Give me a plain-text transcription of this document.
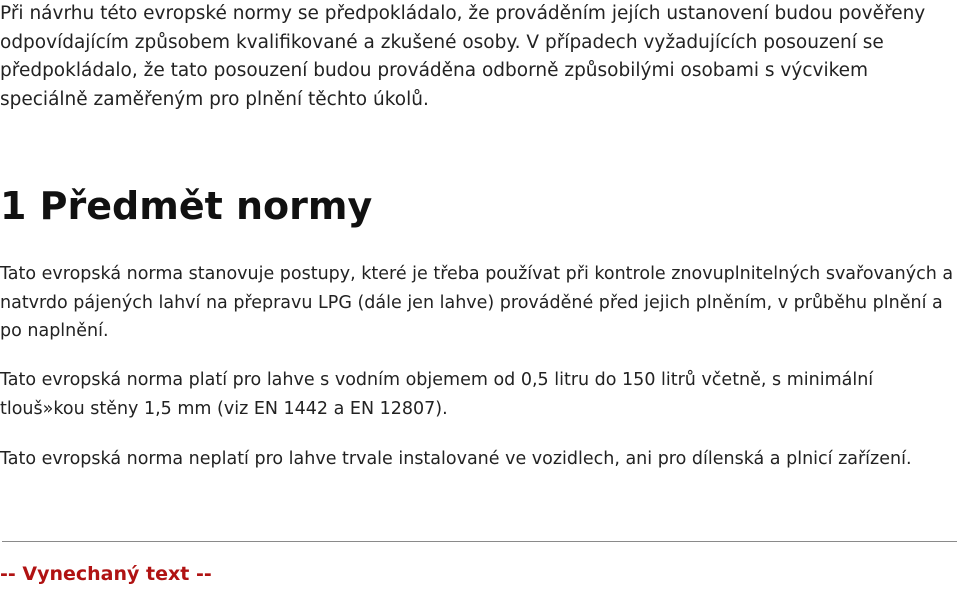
Při návrhu této evropské normy se předpokládalo, že prováděním jejích ustanovení budou pověřeny odpovídajícím způsobem kvalifikované a zkušené osoby. V případech vyžadujících posouzení se předpokládalo, že tato posouzení budou prováděna odborně způsobilými osobami s výcvikem speciálně zaměřeným pro plnění těchto úkolů.

1 Předmět normy

Tato evropská norma stanovuje postupy, které je třeba používat při kontrole znovuplnitelných svařovaných a natvrdo pájených lahví na přepravu LPG (dále jen lahve) prováděné před jejich plněním, v průběhu plnění a po naplnění.

Tato evropská norma platí pro lahve s vodním objemem od 0,5 litru do 150 litrů včetně, s minimální tlouš»kou stěny 1,5 mm (viz EN 1442 a EN 12807).

Tato evropská norma neplatí pro lahve trvale instalované ve vozidlech, ani pro dílenská a plnicí zařízení.

-- Vynechaný text --
